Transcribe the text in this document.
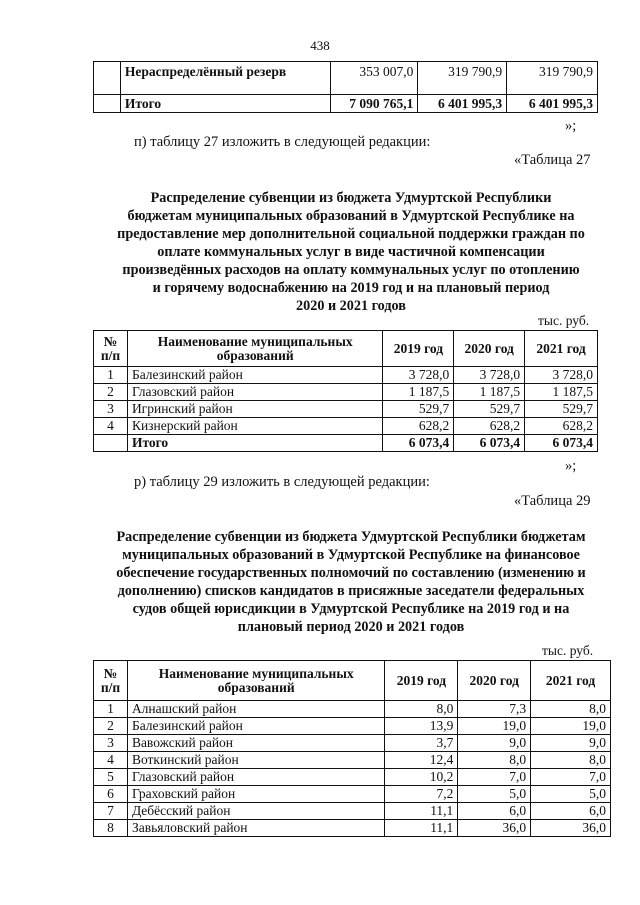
438
	Нераспределённый резерв	353 007,0	319 790,9	319 790,9
	Итого	7 090 765,1	6 401 995,3	6 401 995,3
»;
п) таблицу 27 изложить в следующей редакции:
«Таблица 27
Распределение субвенции из бюджета Удмуртской Республики
бюджетам муниципальных образований в Удмуртской Республике на
предоставление мер дополнительной социальной поддержки граждан по
оплате коммунальных услуг в виде частичной компенсации
произведённых расходов на оплату коммунальных услуг по отоплению
и горячему водоснабжению на 2019 год и на плановый период
2020 и 2021 годов
тыс. руб.
№ п/п	Наименование муниципальных образований	2019 год	2020 год	2021 год
1	Балезинский район	3 728,0	3 728,0	3 728,0
2	Глазовский район	1 187,5	1 187,5	1 187,5
3	Игринский район	529,7	529,7	529,7
4	Кизнерский район	628,2	628,2	628,2
	Итого	6 073,4	6 073,4	6 073,4
»;
р) таблицу 29 изложить в следующей редакции:
«Таблица 29
Распределение субвенции из бюджета Удмуртской Республики бюджетам
муниципальных образований в Удмуртской Республике на финансовое
обеспечение государственных полномочий по составлению (изменению и
дополнению) списков кандидатов в присяжные заседатели федеральных
судов общей юрисдикции в Удмуртской Республике на 2019 год и на
плановый период 2020 и 2021 годов
тыс. руб.
№ п/п	Наименование муниципальных образований	2019 год	2020 год	2021 год
1	Алнашский район	8,0	7,3	8,0
2	Балезинский район	13,9	19,0	19,0
3	Вавожский район	3,7	9,0	9,0
4	Воткинский район	12,4	8,0	8,0
5	Глазовский район	10,2	7,0	7,0
6	Граховский район	7,2	5,0	5,0
7	Дебёсский район	11,1	6,0	6,0
8	Завьяловский район	11,1	36,0	36,0
